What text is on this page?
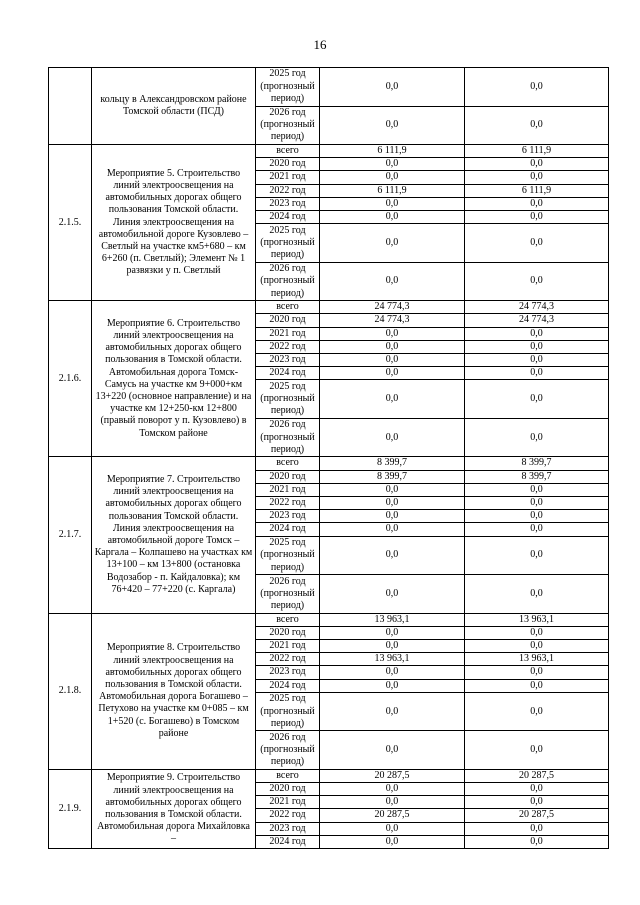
16
	кольцу в Александровском районе Томской области (ПСД)	2025 год (прогнозный период)	0,0	0,0
		2026 год (прогнозный период)	0,0	0,0
2.1.5.	Мероприятие 5. Строительство линий электроосвещения на автомобильных дорогах общего пользования Томской области. Линия электроосвещения на автомобильной дороге Кузовлево – Светлый на участке км5+680 – км 6+260 (п. Светлый); Элемент № 1 развязки у п. Светлый	всего	6 111,9	6 111,9
		2020 год	0,0	0,0
		2021 год	0,0	0,0
		2022 год	6 111,9	6 111,9
		2023 год	0,0	0,0
		2024 год	0,0	0,0
		2025 год (прогнозный период)	0,0	0,0
		2026 год (прогнозный период)	0,0	0,0
2.1.6.	Мероприятие 6. Строительство линий электроосвещения на автомобильных дорогах общего пользования в Томской области. Автомобильная дорога Томск-Самусь на участке км 9+000+км 13+220 (основное направление) и на участке км 12+250-км 12+800 (правый поворот у п. Кузовлево) в Томском районе	всего	24 774,3	24 774,3
		2020 год	24 774,3	24 774,3
		2021 год	0,0	0,0
		2022 год	0,0	0,0
		2023 год	0,0	0,0
		2024 год	0,0	0,0
		2025 год (прогнозный период)	0,0	0,0
		2026 год (прогнозный период)	0,0	0,0
2.1.7.	Мероприятие 7. Строительство линий электроосвещения на автомобильных дорогах общего пользования Томской области. Линия электроосвещения на автомобильной дороге Томск – Каргала – Колпашево на участках км 13+100 – км 13+800 (остановка Водозабор - п. Кайдаловка); км 76+420 – 77+220 (с. Каргала)	всего	8 399,7	8 399,7
		2020 год	8 399,7	8 399,7
		2021 год	0,0	0,0
		2022 год	0,0	0,0
		2023 год	0,0	0,0
		2024 год	0,0	0,0
		2025 год (прогнозный период)	0,0	0,0
		2026 год (прогнозный период)	0,0	0,0
2.1.8.	Мероприятие 8. Строительство линий электроосвещения на автомобильных дорогах общего пользования в Томской области. Автомобильная дорога Богашево – Петухово на участке км 0+085 – км 1+520 (с. Богашево) в Томском районе	всего	13 963,1	13 963,1
		2020 год	0,0	0,0
		2021 год	0,0	0,0
		2022 год	13 963,1	13 963,1
		2023 год	0,0	0,0
		2024 год	0,0	0,0
		2025 год (прогнозный период)	0,0	0,0
		2026 год (прогнозный период)	0,0	0,0
2.1.9.	Мероприятие 9. Строительство линий электроосвещения на автомобильных дорогах общего пользования в Томской области. Автомобильная дорога Михайловка –	всего	20 287,5	20 287,5
		2020 год	0,0	0,0
		2021 год	0,0	0,0
		2022 год	20 287,5	20 287,5
		2023 год	0,0	0,0
		2024 год	0,0	0,0
